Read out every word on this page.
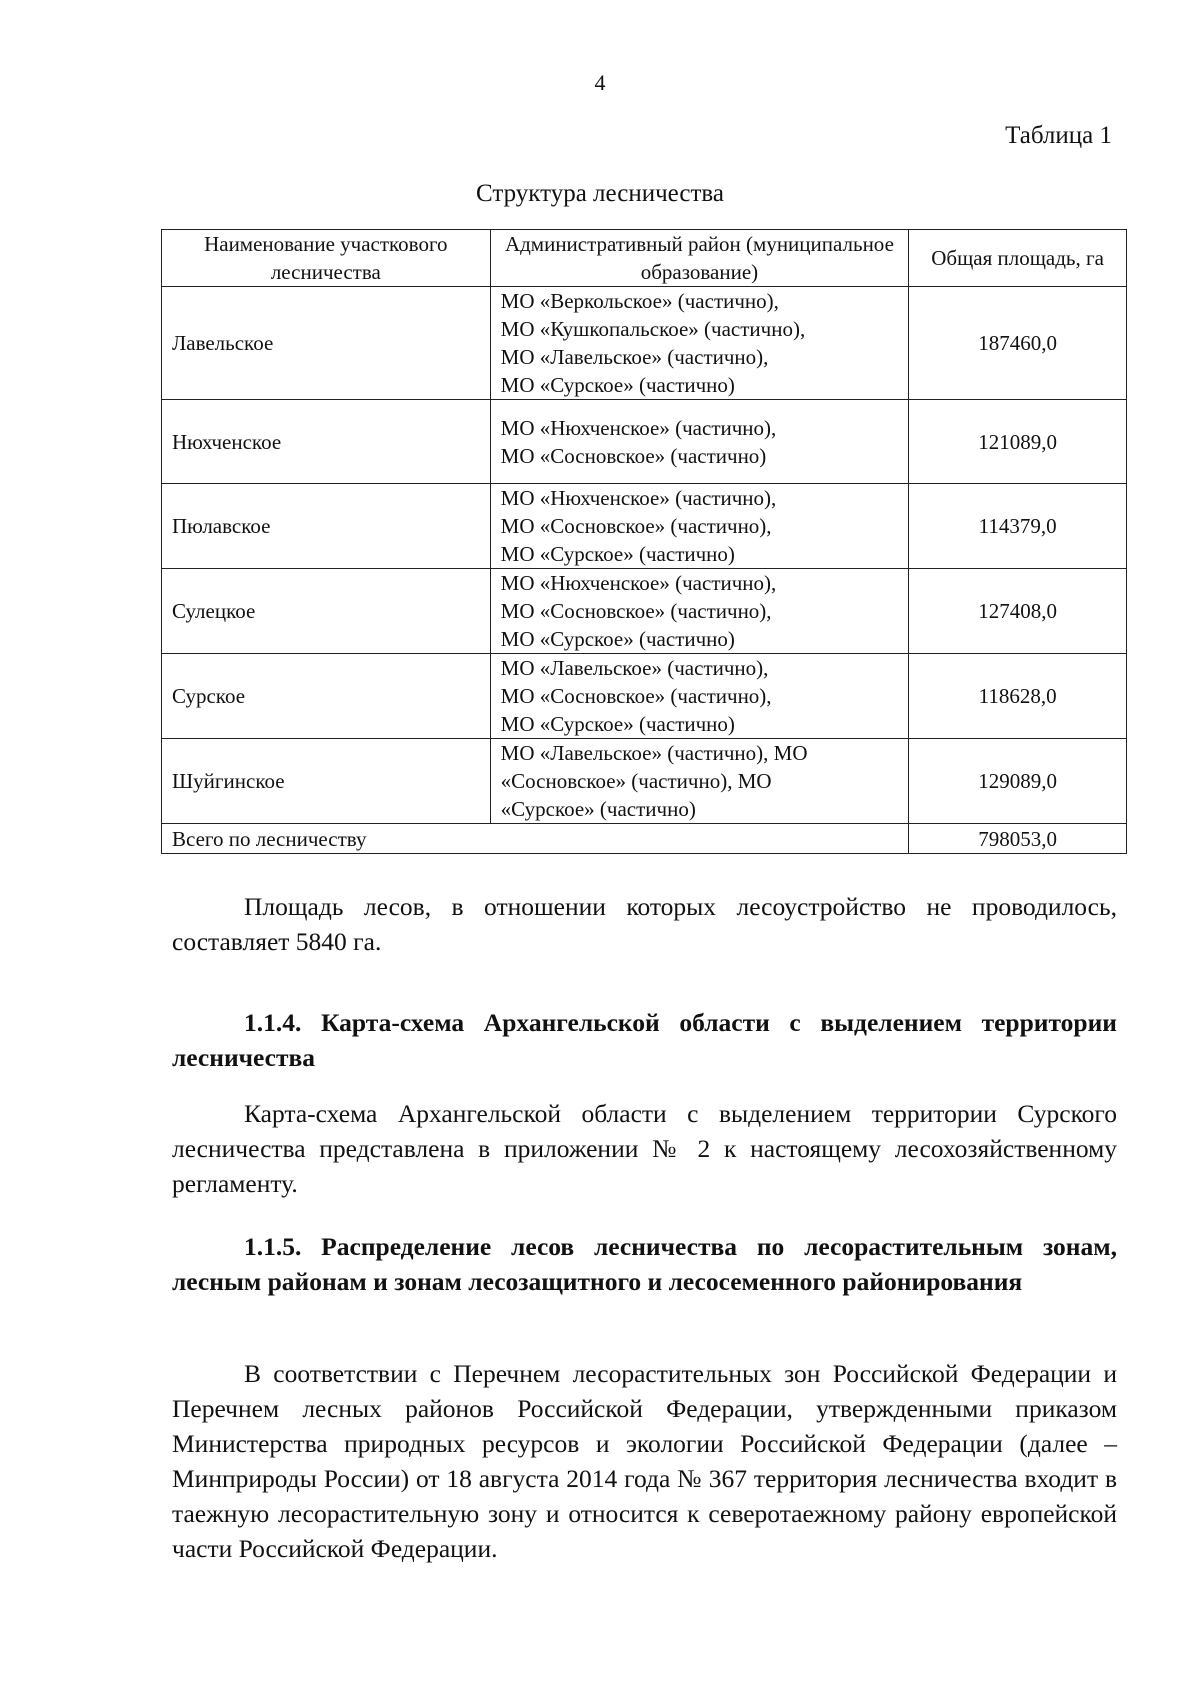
4
Таблица 1
Структура лесничества
Наименование участкового лесничества	Административный район (муниципальное образование)	Общая площадь, га
Лавельское	МО «Веркольское» (частично),
МО «Кушкопальское» (частично),
МО «Лавельское» (частично),
МО «Сурское» (частично)	187460,0
Нюхченское	МО «Нюхченское» (частично),
МО «Сосновское» (частично)	121089,0
Пюлавское	МО «Нюхченское» (частично),
МО «Сосновское» (частично),
МО «Сурское» (частично)	114379,0
Сулецкое	МО «Нюхченское» (частично),
МО «Сосновское» (частично),
МО «Сурское» (частично)	127408,0
Сурское	МО «Лавельское» (частично),
МО «Сосновское» (частично),
МО «Сурское» (частично)	118628,0
Шуйгинское	МО «Лавельское» (частично), МО
«Сосновское» (частично), МО
«Сурское» (частично)	129089,0
Всего по лесничеству		798053,0
Площадь лесов, в отношении которых лесоустройство не проводилось, составляет 5840 га.
1.1.4. Карта-схема Архангельской области с выделением территории лесничества
Карта-схема Архангельской области с выделением территории Сурского лесничества представлена в приложении № 2 к настоящему лесохозяйственному регламенту.
1.1.5. Распределение лесов лесничества по лесорастительным зонам, лесным районам и зонам лесозащитного и лесосеменного районирования
В соответствии с Перечнем лесорастительных зон Российской Федерации и Перечнем лесных районов Российской Федерации, утвержденными приказом Министерства природных ресурсов и экологии Российской Федерации (далее – Минприроды России) от 18 августа 2014 года № 367 территория лесничества входит в таежную лесорастительную зону и относится к северотаежному району европейской части Российской Федерации.
